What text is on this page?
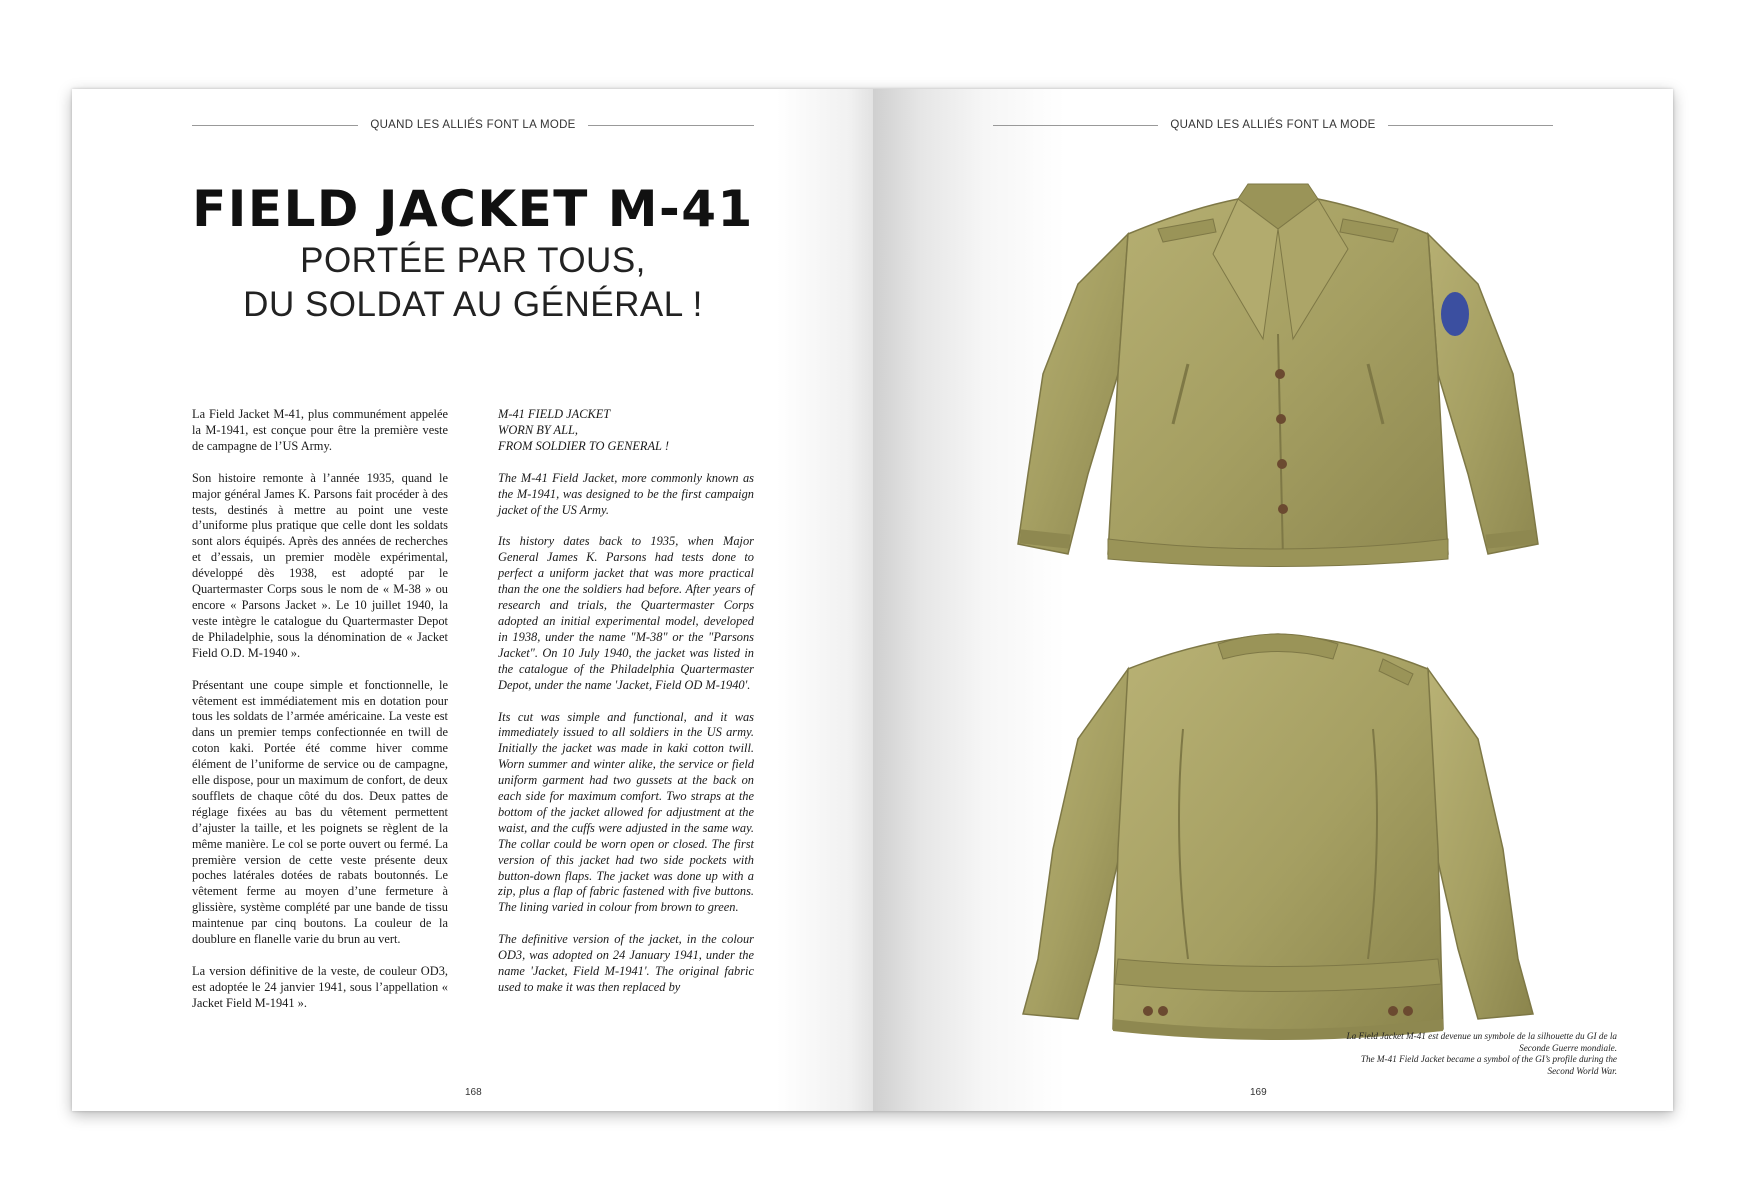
QUAND LES ALLIÉS FONT LA MODE
FIELD JACKET M-41
PORTÉE PAR TOUS,
DU SOLDAT AU GÉNÉRAL !

La Field Jacket M-41, plus communément appelée la M-1941, est conçue pour être la première veste de campagne de l’US Army.

Son histoire remonte à l’année 1935, quand le major général James K. Parsons fait procéder à des tests, destinés à mettre au point une veste d’uniforme plus pratique que celle dont les soldats sont alors équipés. Après des années de recherches et d’essais, un premier modèle expérimental, développé dès 1938, est adopté par le Quartermaster Corps sous le nom de « M-38 » ou encore « Parsons Jacket ». Le 10 juillet 1940, la veste intègre le catalogue du Quartermaster Depot de Philadelphie, sous la dénomination de « Jacket Field O.D. M-1940 ».

Présentant une coupe simple et fonctionnelle, le vêtement est immédiatement mis en dotation pour tous les soldats de l’armée américaine. La veste est dans un premier temps confectionnée en twill de coton kaki. Portée été comme hiver comme élément de l’uniforme de service ou de campagne, elle dispose, pour un maximum de confort, de deux soufflets de chaque côté du dos. Deux pattes de réglage fixées au bas du vêtement permettent d’ajuster la taille, et les poignets se règlent de la même manière. Le col se porte ouvert ou fermé. La première version de cette veste présente deux poches latérales dotées de rabats boutonnés. Le vêtement ferme au moyen d’une fermeture à glissière, système complété par une bande de tissu maintenue par cinq boutons. La couleur de la doublure en flanelle varie du brun au vert.

La version définitive de la veste, de couleur OD3, est adoptée le 24 janvier 1941, sous l’appellation « Jacket Field M-1941 ».

M-41 FIELD JACKET
WORN BY ALL,
FROM SOLDIER TO GENERAL !

The M-41 Field Jacket, more commonly known as the M-1941, was designed to be the first campaign jacket of the US Army.

Its history dates back to 1935, when Major General James K. Parsons had tests done to perfect a uniform jacket that was more practical than the one the soldiers had before. After years of research and trials, the Quartermaster Corps adopted an initial experimental model, developed in 1938, under the name "M-38" or the "Parsons Jacket". On 10 July 1940, the jacket was listed in the catalogue of the Philadelphia Quartermaster Depot, under the name 'Jacket, Field OD M-1940'.

Its cut was simple and functional, and it was immediately issued to all soldiers in the US army. Initially the jacket was made in kaki cotton twill. Worn summer and winter alike, the service or field uniform garment had two gussets at the back on each side for maximum comfort. Two straps at the bottom of the jacket allowed for adjustment at the waist, and the cuffs were adjusted in the same way. The collar could be worn open or closed. The first version of this jacket had two side pockets with button-down flaps. The jacket was done up with a zip, plus a flap of fabric fastened with five buttons. The lining varied in colour from brown to green.

The definitive version of the jacket, in the colour OD3, was adopted on 24 January 1941, under the name 'Jacket, Field M-1941'. The original fabric used to make it was then replaced by

168
QUAND LES ALLIÉS FONT LA MODE
La Field Jacket M-41 est devenue un symbole de la silhouette du GI de la Seconde Guerre mondiale.
The M-41 Field Jacket became a symbol of the GI’s profile during the Second World War.
169
